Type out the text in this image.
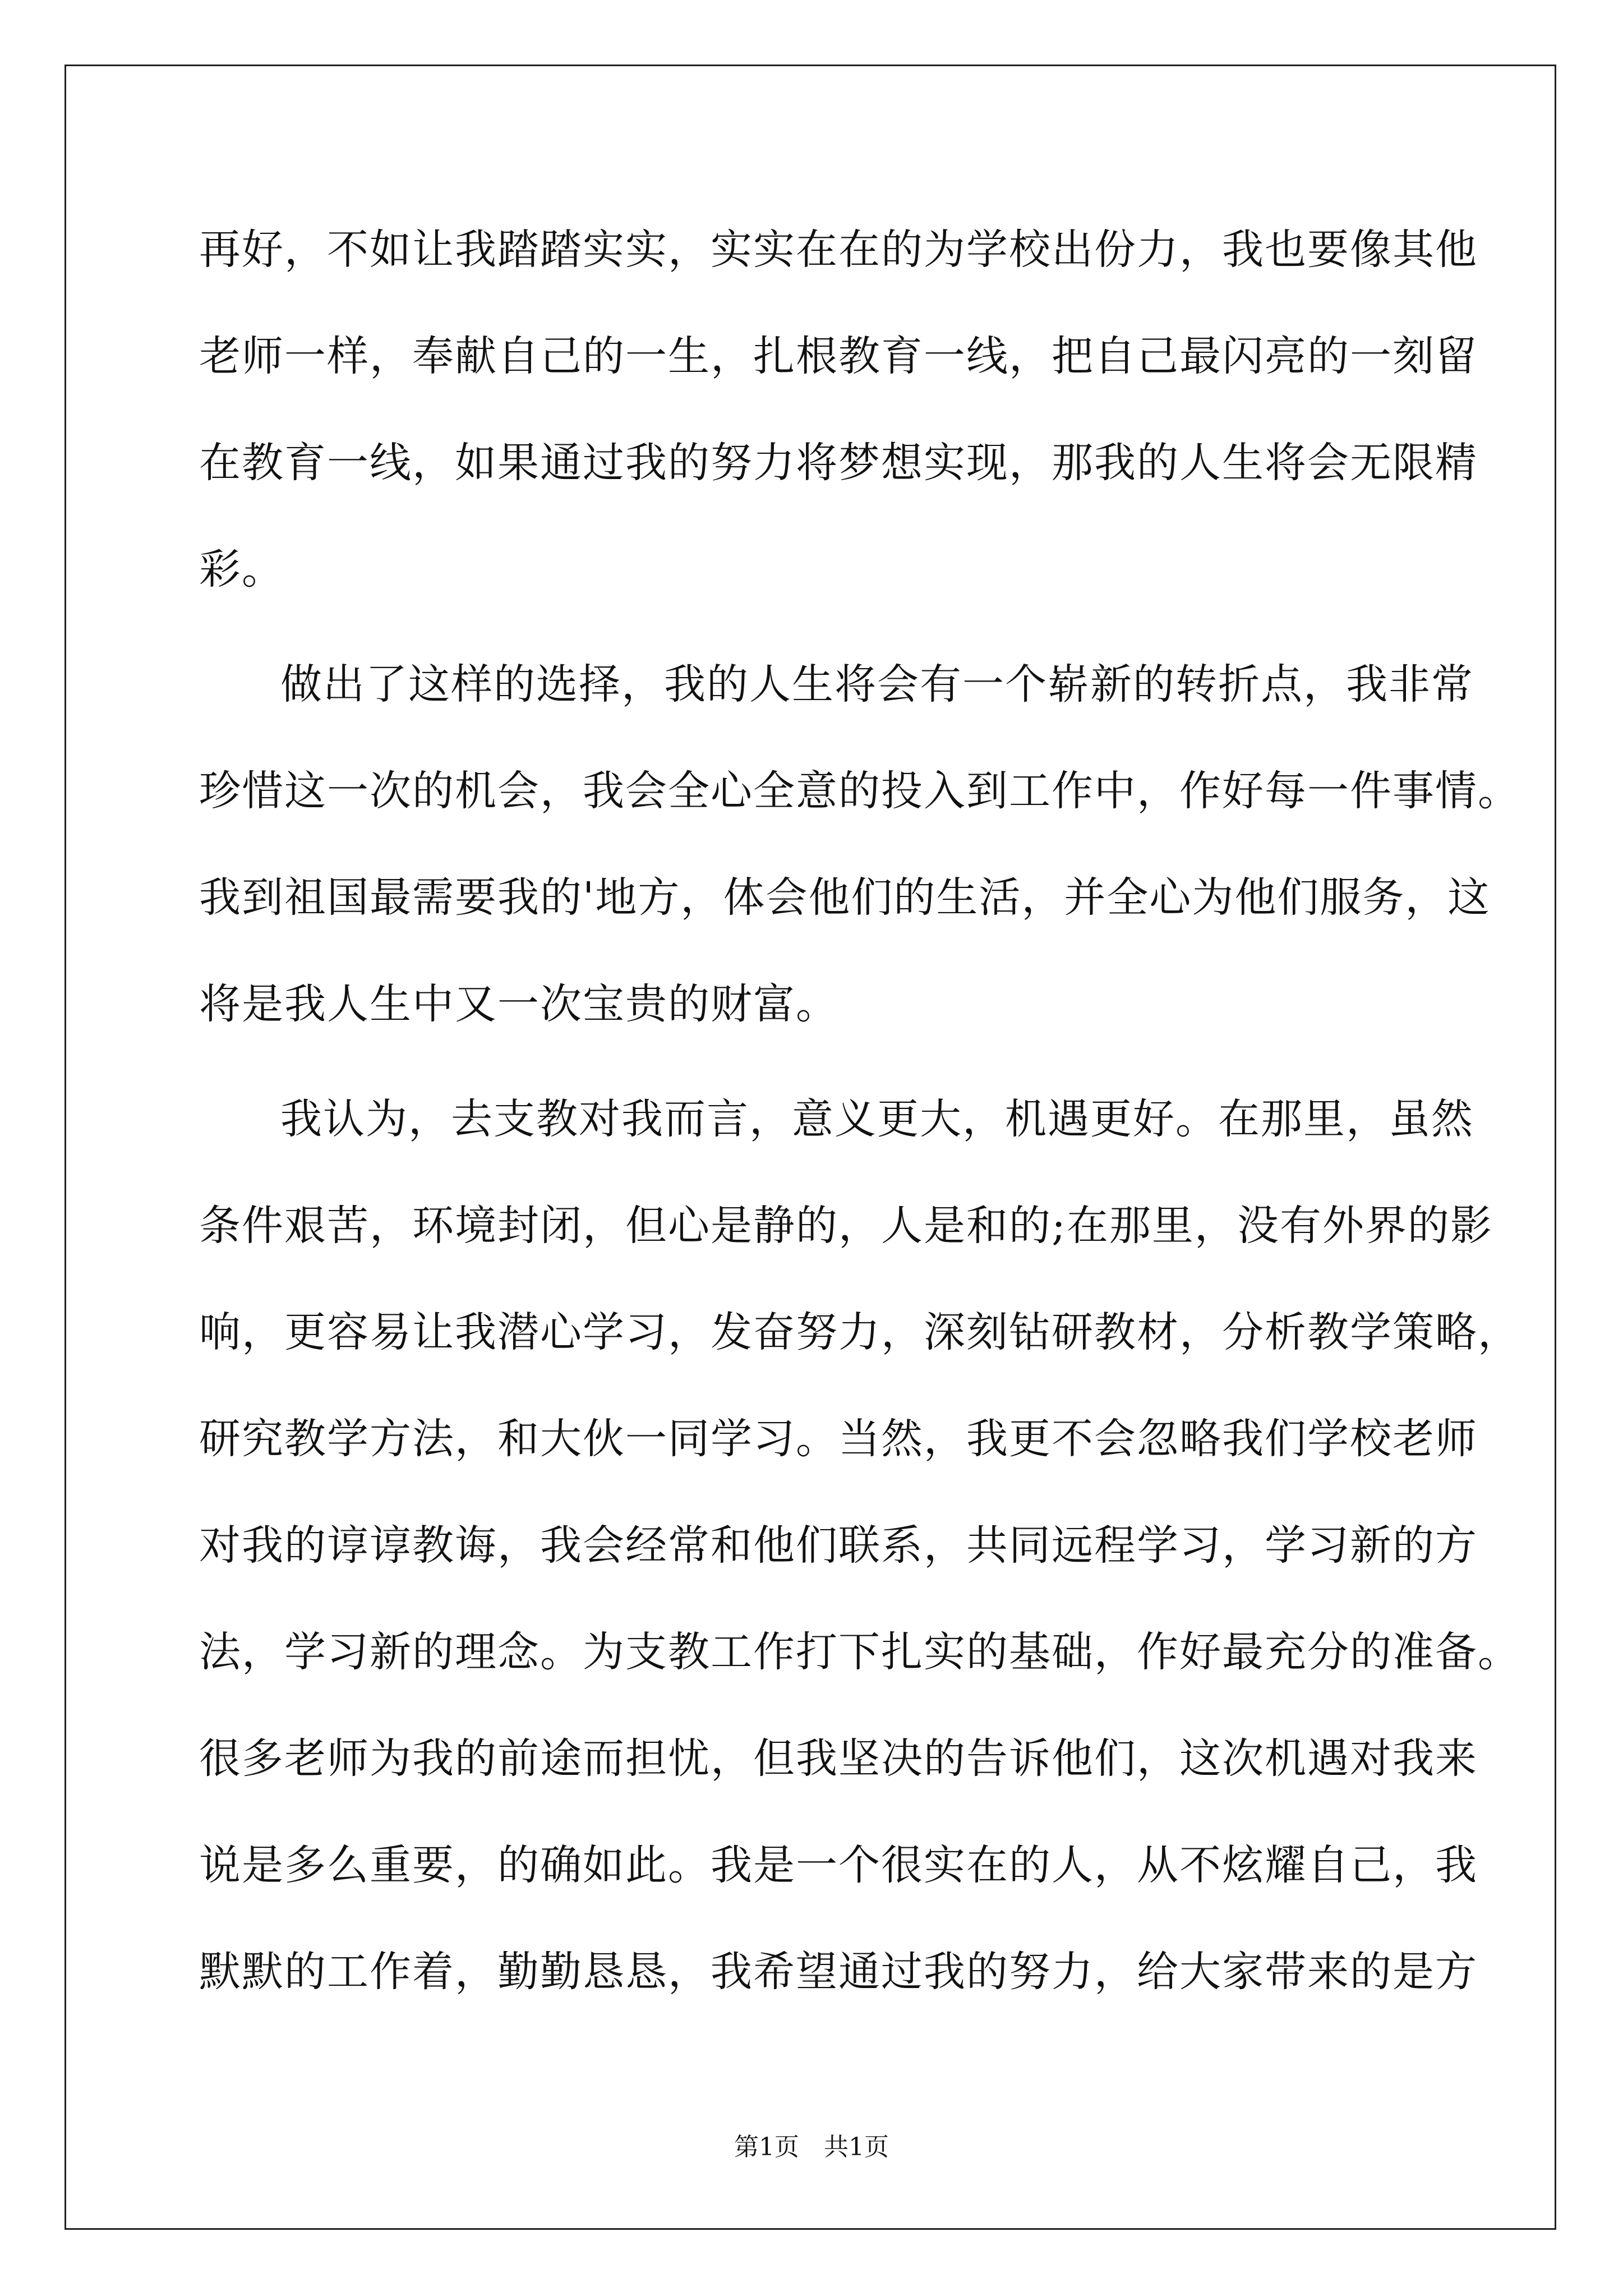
再好，不如让我踏踏实实，实实在在的为学校出份力，我也要像其他
老师一样，奉献自己的一生，扎根教育一线，把自己最闪亮的一刻留
在教育一线，如果通过我的努力将梦想实现，那我的人生将会无限精
彩。
做出了这样的选择，我的人生将会有一个崭新的转折点，我非常
珍惜这一次的机会，我会全心全意的投入到工作中，作好每一件事情。
我到祖国最需要我的'地方，体会他们的生活，并全心为他们服务，这
将是我人生中又一次宝贵的财富。
我认为，去支教对我而言，意义更大，机遇更好。在那里，虽然
条件艰苦，环境封闭，但心是静的，人是和的;在那里，没有外界的影
响，更容易让我潜心学习，发奋努力，深刻钻研教材，分析教学策略，
研究教学方法，和大伙一同学习。当然，我更不会忽略我们学校老师
对我的谆谆教诲，我会经常和他们联系，共同远程学习，学习新的方
法，学习新的理念。为支教工作打下扎实的基础，作好最充分的准备。
很多老师为我的前途而担忧，但我坚决的告诉他们，这次机遇对我来
说是多么重要，的确如此。我是一个很实在的人，从不炫耀自己，我
默默的工作着，勤勤恳恳，我希望通过我的努力，给大家带来的是方
第1页　共1页
